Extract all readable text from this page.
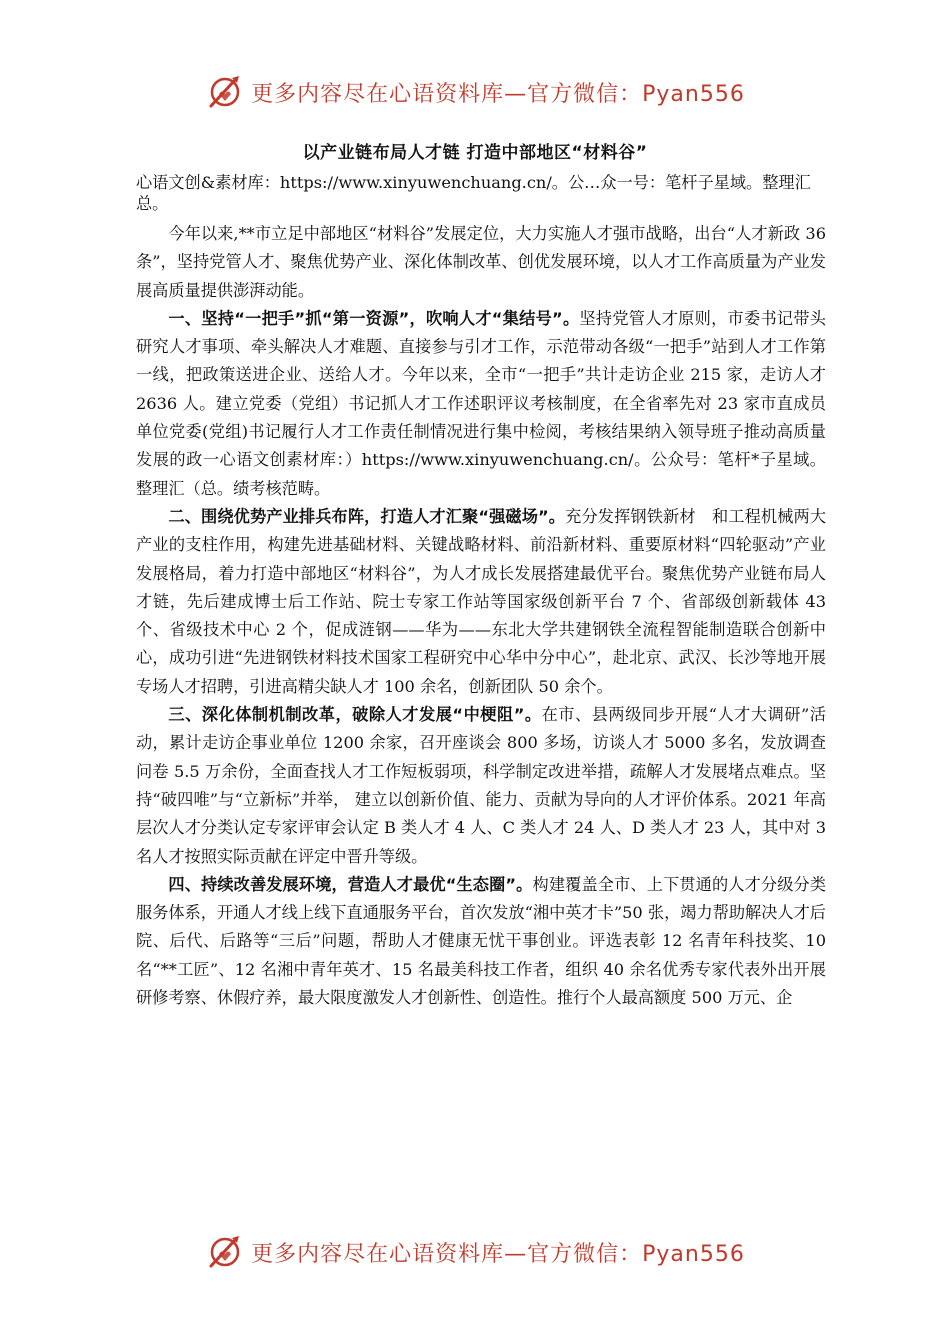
更多内容尽在心语资料库—官方微信：Pyan556
以产业链布局人才链 打造中部地区“材料谷”

心语文创&素材库：https://www.xinyuwenchuang.cn/。公…众一号：笔杆子星域。整理汇总。

今年以来,**市立足中部地区“材料谷”发展定位，大力实施人才强市战略，出台“人才新政 36 条”，坚持党管人才、聚焦优势产业、深化体制改革、创优发展环境，以人才工作高质量为产业发展高质量提供澎湃动能。

一、坚持“一把手”抓“第一资源”，吹响人才“集结号”。坚持党管人才原则，市委书记带头研究人才事项、牵头解决人才难题、直接参与引才工作，示范带动各级“一把手”站到人才工作第一线，把政策送进企业、送给人才。今年以来，全市“一把手”共计走访企业 215 家，走访人才 2636 人。建立党委（党组）书记抓人才工作述职评议考核制度，在全省率先对 23 家市直成员单位党委(党组)书记履行人才工作责任制情况进行集中检阅，考核结果纳入领导班子推动高质量发展的政一心语文创素材库：）https://www.xinyuwenchuang.cn/。公众号：笔杆*子星域。整理汇（总。绩考核范畴。

二、围绕优势产业排兵布阵，打造人才汇聚“强磁场”。充分发挥钢铁新材　和工程机械两大产业的支柱作用，构建先进基础材料、关键战略材料、前沿新材料、重要原材料“四轮驱动”产业发展格局，着力打造中部地区“材料谷”，为人才成长发展搭建最优平台。聚焦优势产业链布局人才链，先后建成博士后工作站、院士专家工作站等国家级创新平台 7 个、省部级创新载体 43 个、省级技术中心 2 个，促成涟钢——华为——东北大学共建钢铁全流程智能制造联合创新中心，成功引进“先进钢铁材料技术国家工程研究中心华中分中心”，赴北京、武汉、长沙等地开展专场人才招聘，引进高精尖缺人才 100 余名，创新团队 50 余个。

三、深化体制机制改革，破除人才发展“中梗阻”。在市、县两级同步开展“人才大调研”活动，累计走访企事业单位 1200 余家，召开座谈会 800 多场，访谈人才 5000 多名，发放调查问卷 5.5 万余份，全面查找人才工作短板弱项，科学制定改进举措，疏解人才发展堵点难点。坚持“破四唯”与“立新标”并举， 建立以创新价值、能力、贡献为导向的人才评价体系。2021 年高层次人才分类认定专家评审会认定 B 类人才 4 人、C 类人才 24 人、D 类人才 23 人，其中对 3 名人才按照实际贡献在评定中晋升等级。

四、持续改善发展环境，营造人才最优“生态圈”。构建覆盖全市、上下贯通的人才分级分类服务体系，开通人才线上线下直通服务平台，首次发放“湘中英才卡”50 张，竭力帮助解决人才后院、后代、后路等“三后”问题，帮助人才健康无忧干事创业。评选表彰 12 名青年科技奖、10 名“**工匠”、12 名湘中青年英才、15 名最美科技工作者，组织 40 余名优秀专家代表外出开展研修考察、休假疗养，最大限度激发人才创新性、创造性。推行个人最高额度 500 万元、企

更多内容尽在心语资料库—官方微信：Pyan556
